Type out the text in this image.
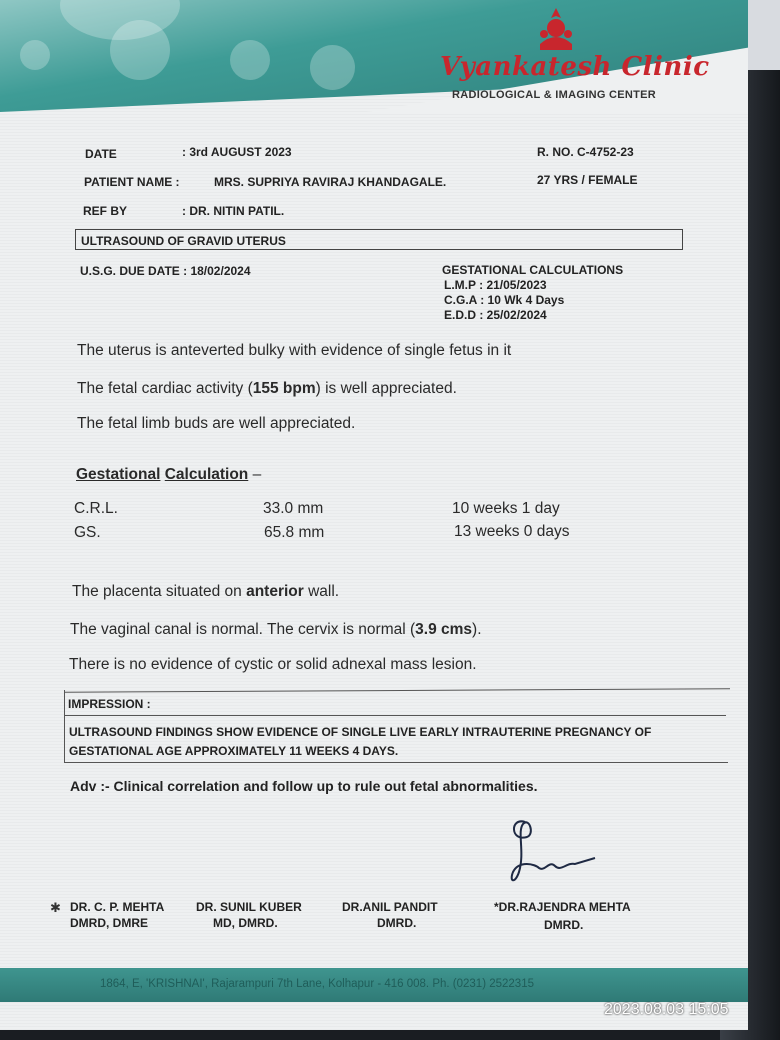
Vyankatesh Clinic
RADIOLOGICAL & IMAGING CENTER
DATE	: 3rd AUGUST 2023	R. NO. C-4752-23
PATIENT NAME :	MRS. SUPRIYA RAVIRAJ KHANDAGALE.	27 YRS / FEMALE
REF BY	: DR. NITIN PATIL.
ULTRASOUND OF GRAVID UTERUS
U.S.G. DUE DATE : 18/02/2024	GESTATIONAL CALCULATIONS
L.M.P : 21/05/2023
C.G.A : 10 Wk 4 Days
E.D.D : 25/02/2024
The uterus is anteverted bulky with evidence of single fetus in it
The fetal cardiac activity (155 bpm) is well appreciated.
The fetal limb buds are well appreciated.
Gestational Calculation –
C.R.L.	33.0 mm	10 weeks 1 day
GS.	65.8 mm	13 weeks 0 days
The placenta situated on anterior wall.
The vaginal canal is normal. The cervix is normal (3.9 cms).
There is no evidence of cystic or solid adnexal mass lesion.
IMPRESSION :
ULTRASOUND FINDINGS SHOW EVIDENCE OF SINGLE LIVE EARLY INTRAUTERINE PREGNANCY OF
GESTATIONAL AGE APPROXIMATELY 11 WEEKS 4 DAYS.
Adv :- Clinical correlation and follow up to rule out fetal abnormalities.
✱ DR. C. P. MEHTA
DMRD, DMRE
DR. SUNIL KUBER
MD, DMRD.
DR.ANIL PANDIT
DMRD.
*DR.RAJENDRA MEHTA
DMRD.
1864, E, 'KRISHNAI', Rajarampuri 7th Lane, Kolhapur - 416 008. Ph. (0231) 2522315
2023.08.03 15:05
